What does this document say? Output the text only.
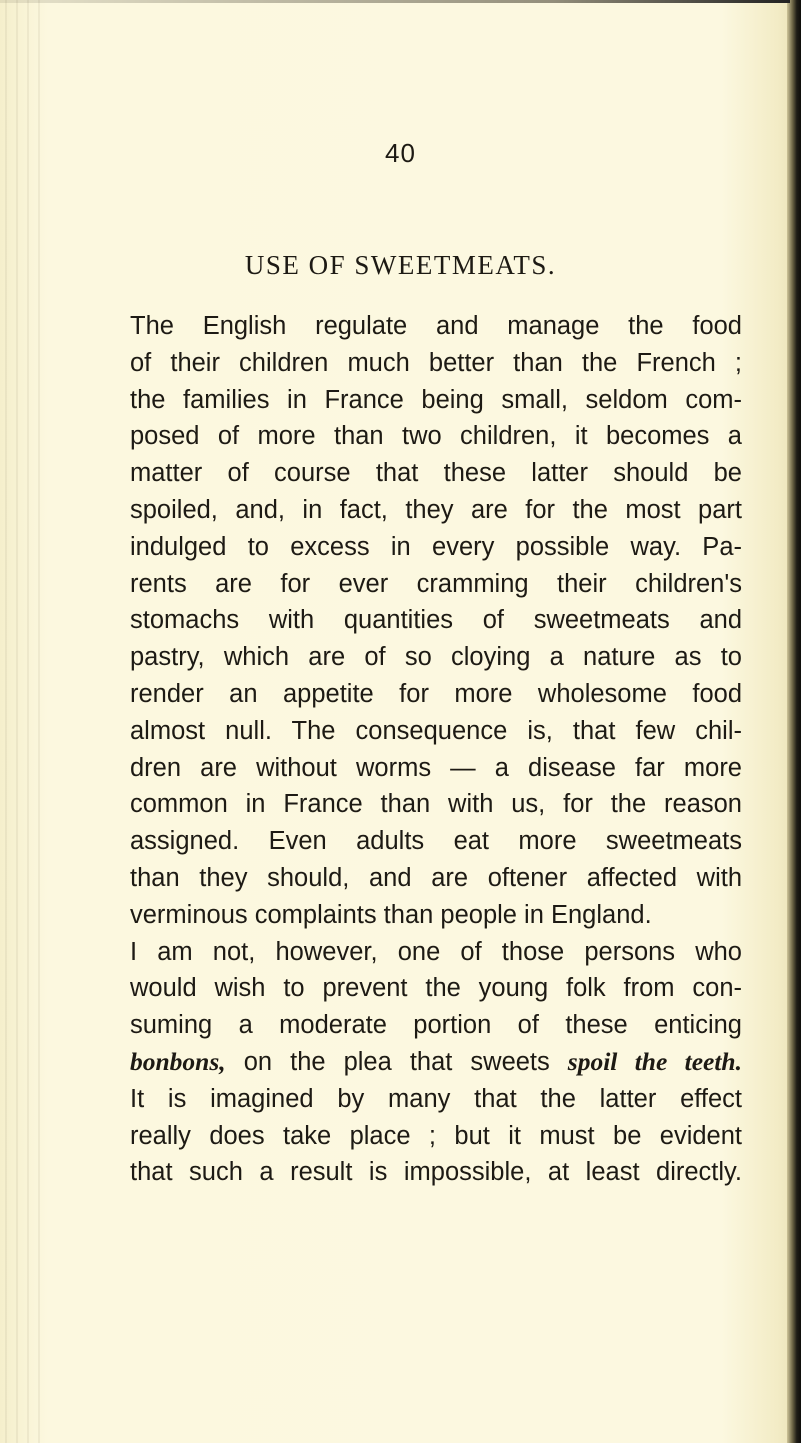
40
USE OF SWEETMEATS.
The English regulate and manage the food
of their children much better than the French ;
the families in France being small, seldom com-
posed of more than two children, it becomes a
matter of course that these latter should be
spoiled, and, in fact, they are for the most part
indulged to excess in every possible way. Pa-
rents are for ever cramming their children's
stomachs with quantities of sweetmeats and
pastry, which are of so cloying a nature as to
render an appetite for more wholesome food
almost null. The consequence is, that few chil-
dren are without worms — a disease far more
common in France than with us, for the reason
assigned. Even adults eat more sweetmeats
than they should, and are oftener affected with
verminous complaints than people in England.
I am not, however, one of those persons who
would wish to prevent the young folk from con-
suming a moderate portion of these enticing
bonbons, on the plea that sweets spoil the teeth.
It is imagined by many that the latter effect
really does take place ; but it must be evident
that such a result is impossible, at least directly.
